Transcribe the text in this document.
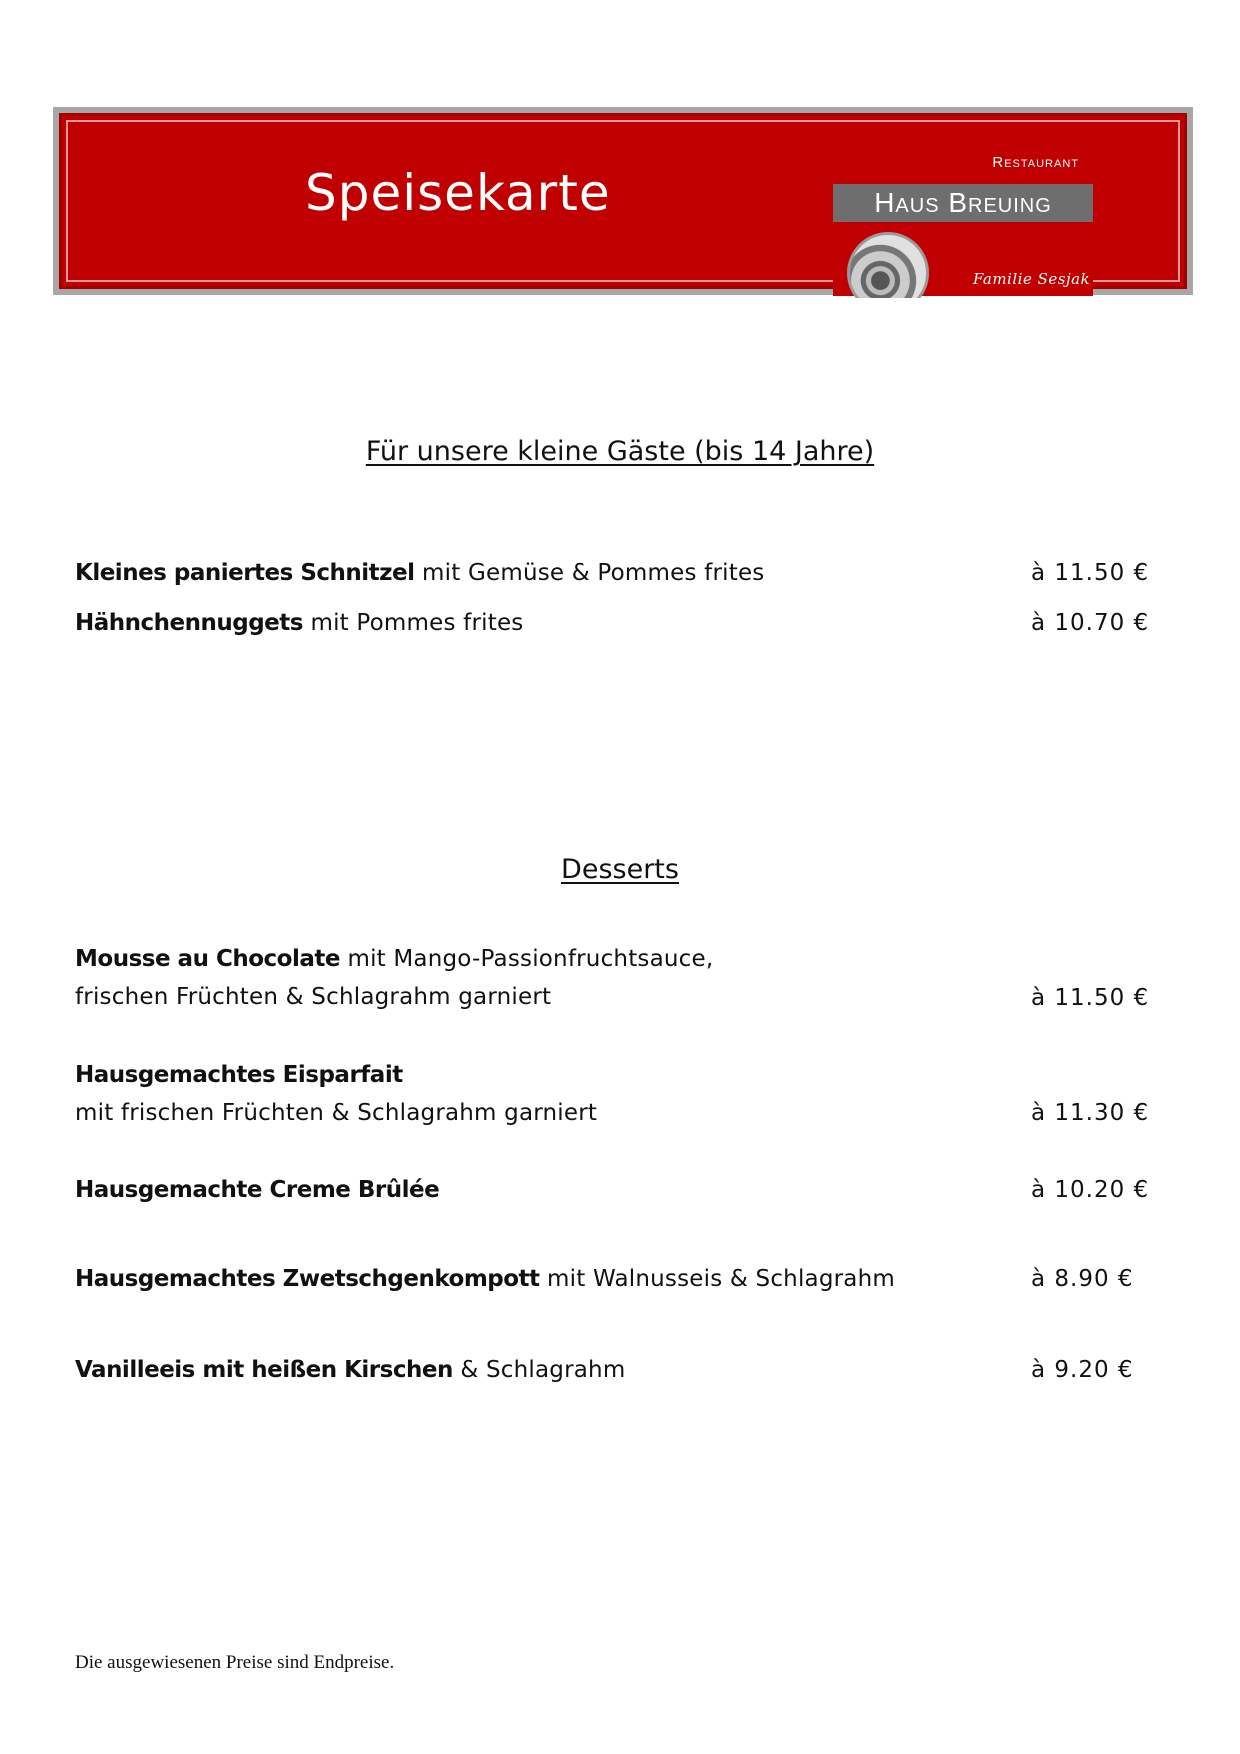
Speisekarte
Restaurant
Haus Breuing
Familie Sesjak
Für unsere kleine Gäste (bis 14 Jahre)
Kleines paniertes Schnitzel mit Gemüse & Pommes frites	à 11.50 €
Hähnchennuggets mit Pommes frites	à 10.70 €
Desserts
Mousse au Chocolate mit Mango-Passionfruchtsauce,
frischen Früchten & Schlagrahm garniert	à 11.50 €
Hausgemachtes Eisparfait
mit frischen Früchten & Schlagrahm garniert	à 11.30 €
Hausgemachte Creme Brûlée	à 10.20 €
Hausgemachtes Zwetschgenkompott mit Walnusseis & Schlagrahm	à 8.90 €
Vanilleeis mit heißen Kirschen & Schlagrahm	à 9.20 €
Die ausgewiesenen Preise sind Endpreise.
